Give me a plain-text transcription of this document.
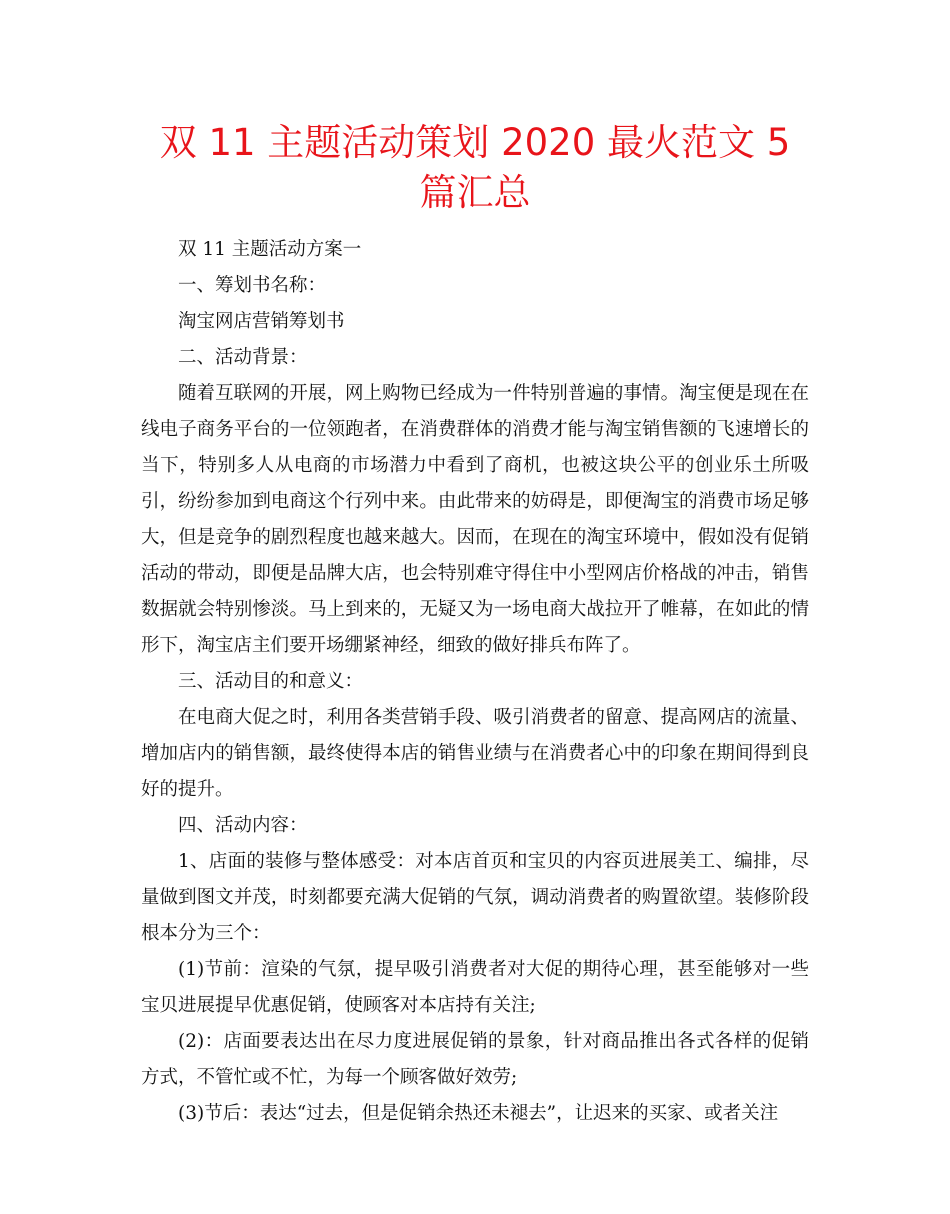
双 11 主题活动策划 2020 最火范文 5 篇汇总

双 11 主题活动方案一

一、筹划书名称：

淘宝网店营销筹划书

二、活动背景：

随着互联网的开展，网上购物已经成为一件特别普遍的事情。淘宝便是现在在线电子商务平台的一位领跑者，在消费群体的消费才能与淘宝销售额的飞速增长的当下，特别多人从电商的市场潜力中看到了商机，也被这块公平的创业乐土所吸引，纷纷参加到电商这个行列中来。由此带来的妨碍是，即便淘宝的消费市场足够大，但是竞争的剧烈程度也越来越大。因而，在现在的淘宝环境中，假如没有促销活动的带动，即便是品牌大店，也会特别难守得住中小型网店价格战的冲击，销售数据就会特别惨淡。马上到来的，无疑又为一场电商大战拉开了帷幕，在如此的情形下，淘宝店主们要开场绷紧神经，细致的做好排兵布阵了。

三、活动目的和意义：

在电商大促之时，利用各类营销手段、吸引消费者的留意、提高网店的流量、增加店内的销售额，最终使得本店的销售业绩与在消费者心中的印象在期间得到良好的提升。

四、活动内容：

1、店面的装修与整体感受：对本店首页和宝贝的内容页进展美工、编排，尽量做到图文并茂，时刻都要充满大促销的气氛，调动消费者的购置欲望。装修阶段根本分为三个：

(1)节前：渲染的气氛，提早吸引消费者对大促的期待心理，甚至能够对一些宝贝进展提早优惠促销，使顾客对本店持有关注;

(2)：店面要表达出在尽力度进展促销的景象，针对商品推出各式各样的促销方式，不管忙或不忙，为每一个顾客做好效劳;

(3)节后：表达“过去，但是促销余热还未褪去”，让迟来的买家、或者关注
